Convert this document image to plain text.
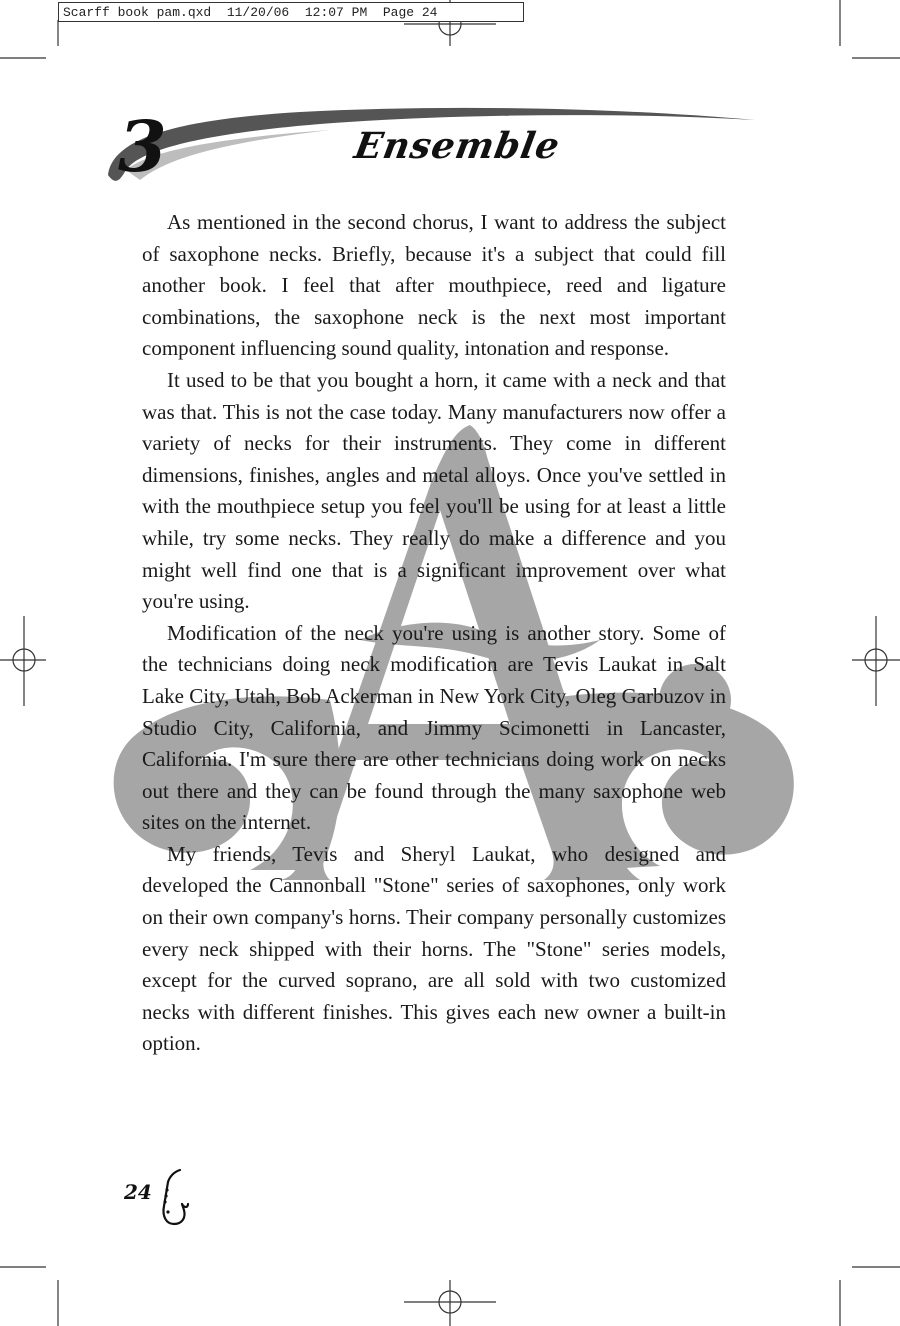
Scarff book pam.qxd  11/20/06  12:07 PM  Page 24
3	Ensemble

As mentioned in the second chorus, I want to address the subject of saxophone necks. Briefly, because it's a subject that could fill another book. I feel that after mouthpiece, reed and ligature combinations, the saxophone neck is the next most important component influencing sound quality, intonation and response.

It used to be that you bought a horn, it came with a neck and that was that. This is not the case today. Many manufacturers now offer a variety of necks for their instruments. They come in different dimensions, finishes, angles and metal alloys. Once you've settled in with the mouthpiece setup you feel you'll be using for at least a little while, try some necks. They really do make a difference and you might well find one that is a significant improvement over what you're using.

Modification of the neck you're using is another story. Some of the technicians doing neck modification are Tevis Laukat in Salt Lake City, Utah, Bob Ackerman in New York City, Oleg Garbuzov in Studio City, California, and Jimmy Scimonetti in Lancaster, California. I'm sure there are other technicians doing work on necks out there and they can be found through the many saxophone web sites on the internet.

My friends, Tevis and Sheryl Laukat, who designed and developed the Cannonball "Stone" series of saxophones, only work on their own company's horns. Their company personally customizes every neck shipped with their horns. The "Stone" series models, except for the curved soprano, are all sold with two customized necks with different finishes. This gives each new owner a built-in option.

24
